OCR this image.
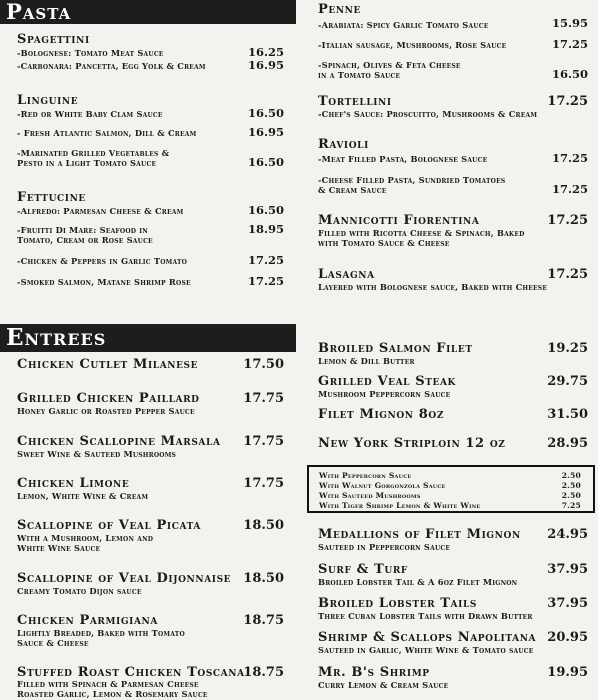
Pasta
Spagettini
-Bolognese: Tomato Meat Sauce	16.25
-Carbonara: Pancetta, Egg Yolk & Cream	16.95
Linguine
-Red or White Baby Clam Sauce	16.50
- Fresh Atlantic Salmon, Dill & Cream	16.95
-Marinated Grilled Vegetables &
Pesto in a Light Tomato Sauce	16.50
Fettucine
-Alfredo: Parmesan Cheese & Cream	16.50
-Fruitti Di Mare: Seafood in
Tomato, Cream or Rose Sauce
18.95
-Chicken & Peppers in Garlic Tomato	17.25
-Smoked Salmon, Matane Shrimp Rose	17.25
Penne
-Arabiata: Spicy Garlic Tomato Sauce	15.95
-Italian sausage, Mushrooms, Rose Sauce	17.25
-Spinach, Olives & Feta Cheese
in a Tomato Sauce	16.50
Tortellini	17.25
-Chef's Sauce: Proscuitto, Mushrooms & Cream
Ravioli
-Meat Filled Pasta, Bolognese Sauce	17.25
-Cheese Filled Pasta, Sundried Tomatoes
& Cream Sauce	17.25
Mannicotti Fiorentina	17.25
Filled with Ricotta Cheese & Spinach, Baked
with Tomato Sauce & Cheese
Lasagna	17.25
Layered with Bolognese sauce, Baked with Cheese
Entrees
Chicken Cutlet Milanese	17.50
Grilled Chicken Paillard	17.75
Honey Garlic or Roasted Pepper Sauce
Chicken Scallopine Marsala 17.75
Sweet Wine & Sauteed Mushrooms
Chicken Limone	17.75
Lemon, White Wine & Cream
Scallopine of Veal Picata	18.50
With a Mushroom, Lemon and
White Wine Sauce
Scallopine of Veal Dijonnaise 18.50
Creamy Tomato Dijon sauce
Chicken Parmigiana	18.75
Lightly Breaded, Baked with Tomato
Sauce & Cheese
Stuffed Roast Chicken Toscana
18.75
Filled with Spinach & Parmesan Cheese
Roasted Garlic, Lemon & Rosemary Sauce
Broiled Salmon Filet	19.25
Lemon & Dill Butter
Grilled Veal Steak	29.75
Mushroom Peppercorn Sauce
Filet Mignon 8oz	31.50
New York Striploin 12 oz	28.95
Medallions of Filet Mignon 24.95
Sauteed in Peppercorn Sauce
Surf & Turf	37.95
Broiled Lobster Tail & A 6oz Filet Mignon
Broiled Lobster Tails	37.95
Three Cuban Lobster Tails with Drawn Butter
Shrimp & Scallops Napolitana 20.95
Sauteed in Garlic, White Wine & Tomato sauce
Mr. B's Shrimp	19.95
Curry Lemon & Cream Sauce
With Peppercorn Sauce	2.50
With Walnut Gorgonzola Sauce	2.50
With Sauteed Mushrooms	2.50
With Tiger Shrimp Lemon & White Wine	7.25
